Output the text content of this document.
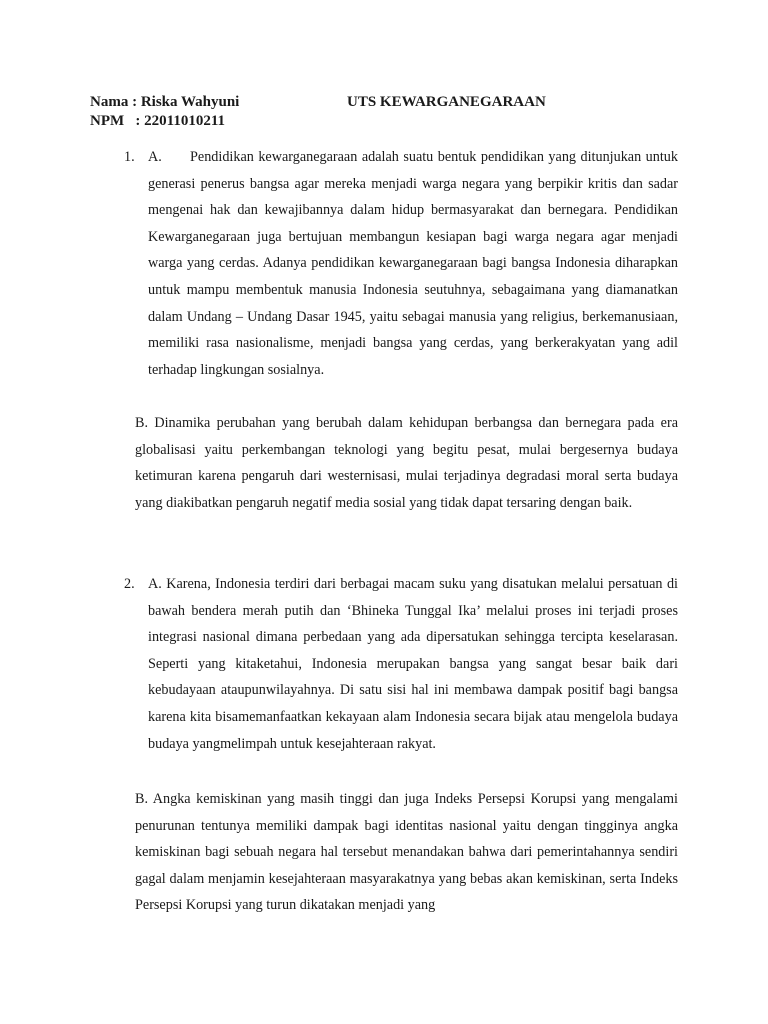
Nama : Riska Wahyuni	UTS KEWARGANEGARAAN
NPM   : 22011010211
1. A. Pendidikan kewarganegaraan adalah suatu bentuk pendidikan yang ditunjukan untuk generasi penerus bangsa agar mereka menjadi warga negara yang berpikir kritis dan sadar mengenai hak dan kewajibannya dalam hidup bermasyarakat dan bernegara. Pendidikan Kewarganegaraan juga bertujuan membangun kesiapan bagi warga negara agar menjadi warga yang cerdas. Adanya pendidikan kewarganegaraan bagi bangsa Indonesia diharapkan untuk mampu membentuk manusia Indonesia seutuhnya, sebagaimana yang diamanatkan dalam Undang – Undang Dasar 1945, yaitu sebagai manusia yang religius, berkemanusiaan, memiliki rasa nasionalisme, menjadi bangsa yang cerdas, yang berkerakyatan yang adil terhadap lingkungan sosialnya.

B. Dinamika perubahan yang berubah dalam kehidupan berbangsa dan bernegara pada era globalisasi yaitu perkembangan teknologi yang begitu pesat, mulai bergesernya budaya ketimuran karena pengaruh dari westernisasi, mulai terjadinya degradasi moral serta budaya yang diakibatkan pengaruh negatif media sosial yang tidak dapat tersaring dengan baik.

2. A. Karena, Indonesia terdiri dari berbagai macam suku yang disatukan melalui persatuan di bawah bendera merah putih dan ‘Bhineka Tunggal Ika’ melalui proses ini terjadi proses integrasi nasional dimana perbedaan yang ada dipersatukan sehingga tercipta keselarasan. Seperti yang kitaketahui, Indonesia merupakan bangsa yang sangat besar baik dari kebudayaan ataupunwilayahnya. Di satu sisi hal ini membawa dampak positif bagi bangsa karena kita bisamemanfaatkan kekayaan alam Indonesia secara bijak atau mengelola budaya budaya yangmelimpah untuk kesejahteraan rakyat.

B. Angka kemiskinan yang masih tinggi dan juga Indeks Persepsi Korupsi yang mengalami penurunan tentunya memiliki dampak bagi identitas nasional yaitu dengan tingginya angka kemiskinan bagi sebuah negara hal tersebut menandakan bahwa dari pemerintahannya sendiri gagal dalam menjamin kesejahteraan masyarakatnya yang bebas akan kemiskinan, serta Indeks Persepsi Korupsi yang turun dikatakan menjadi yang
